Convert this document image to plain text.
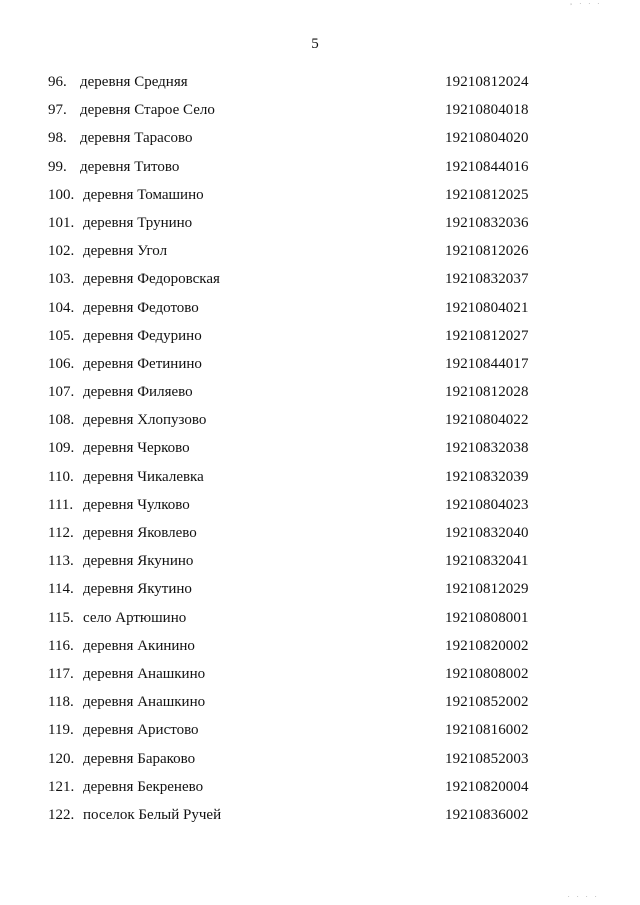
‚ . . .
5
96. деревня Средняя	19210812024
97. деревня Старое Село	19210804018
98. деревня Тарасово	19210804020
99. деревня Титово	19210844016
100. деревня Томашино	19210812025
101. деревня Трунино	19210832036
102. деревня Угол	19210812026
103. деревня Федоровская	19210832037
104. деревня Федотово	19210804021
105. деревня Федурино	19210812027
106. деревня Фетинино	19210844017
107. деревня Филяево	19210812028
108. деревня Хлопузово	19210804022
109. деревня Черково	19210832038
110. деревня Чикалевка	19210832039
111. деревня Чулково	19210804023
112. деревня Яковлево	19210832040
113. деревня Якунино	19210832041
114. деревня Якутино	19210812029
115. село Артюшино	19210808001
116. деревня Акинино	19210820002
117. деревня Анашкино	19210808002
118. деревня Анашкино	19210852002
119. деревня Аристово	19210816002
120. деревня Бараково	19210852003
121. деревня Бекренево	19210820004
122. поселок Белый Ручей	19210836002
. . . .
